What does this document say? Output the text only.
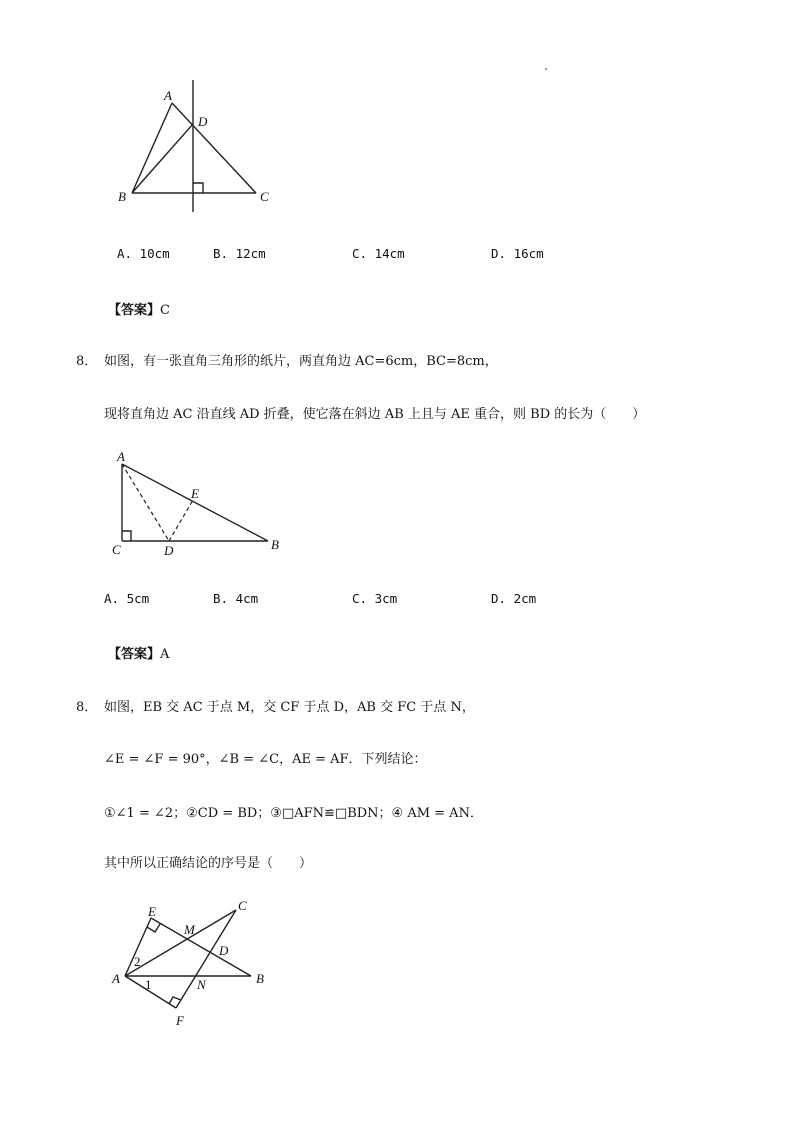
A
D
B	C
A. 10cm	B. 12cm	C. 14cm	D. 16cm
【答案】C
8． 如图，有一张直角三角形的纸片，两直角边 AC=6cm，BC=8cm，
现将直角边 AC 沿直线 AD 折叠，使它落在斜边 AB 上且与 AE 重合，则 BD 的长为（　　）
A
E
C	D	B
A. 5cm	B. 4cm	C. 3cm	D. 2cm
【答案】A
8． 如图，EB 交 AC 于点 M，交 CF 于点 D，AB 交 FC 于点 N，
∠E = ∠F = 90°，∠B = ∠C，AE = AF．下列结论：
①∠1 = ∠2；②CD = BD；③□AFN≌□BDN；④ AM = AN．
其中所以正确结论的序号是（　　）
E	C
M
D
2
A 1	N	B
F
